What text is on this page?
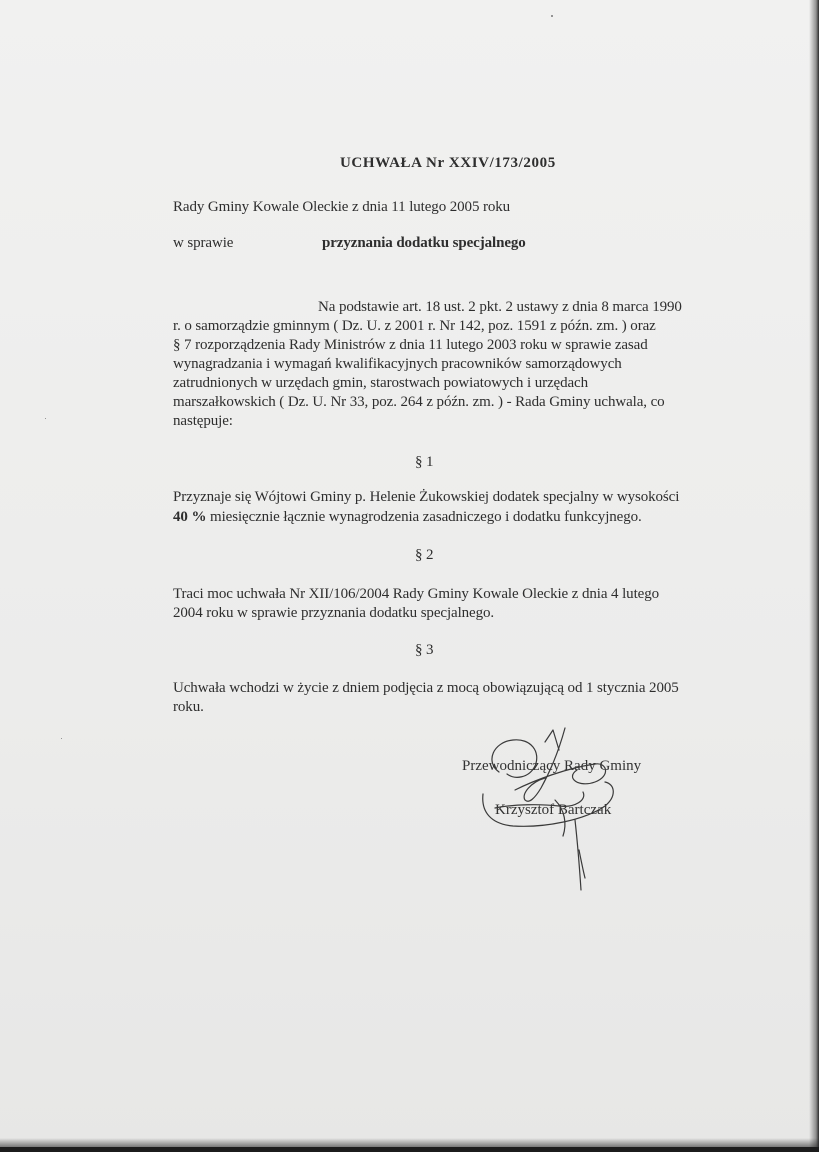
UCHWAŁA Nr XXIV/173/2005
Rady Gminy Kowale Oleckie z dnia 11 lutego 2005 roku
w sprawie	przyznania dodatku specjalnego
Na podstawie art. 18 ust. 2 pkt. 2 ustawy z dnia 8 marca 1990
r. o samorządzie gminnym ( Dz. U. z 2001 r. Nr 142, poz. 1591 z późn. zm. ) oraz
§ 7 rozporządzenia Rady Ministrów z dnia 11 lutego 2003 roku w sprawie zasad
wynagradzania i wymagań kwalifikacyjnych pracowników samorządowych
zatrudnionych w urzędach gmin, starostwach powiatowych i urzędach
marszałkowskich ( Dz. U. Nr 33, poz. 264 z późn. zm. ) - Rada Gminy uchwala, co
następuje:
§ 1
Przyznaje się Wójtowi Gminy p. Helenie Żukowskiej dodatek specjalny w wysokości
40 % miesięcznie łącznie wynagrodzenia zasadniczego i dodatku funkcyjnego.
§ 2
Traci moc uchwała Nr XII/106/2004 Rady Gminy Kowale Oleckie z dnia 4 lutego
2004 roku w sprawie przyznania dodatku specjalnego.
§ 3
Uchwała wchodzi w życie z dniem podjęcia z mocą obowiązującą od 1 stycznia 2005
roku.
Przewodniczący Rady Gminy
Krzysztof Bartczak
